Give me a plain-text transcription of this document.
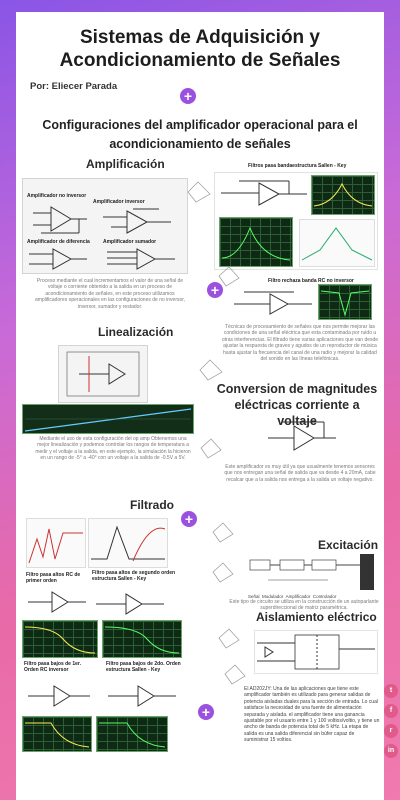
Sistemas de Adquisición y Acondicionamiento de Señales
Por: Eliecer Parada
+
Configuraciones del amplificador operacional para el acondicionamiento de señales
Amplificación
Amplificador no inversor
Amplificador inversor
Amplificador de diferencia	Amplificador sumador
Proceso mediante el cual incrementamos el valor de una señal de voltaje o corriente obtenido a la salida en un proceso de acondicionamiento de señales, en este proceso utilizamos amplificadores operacionales en las configuraciones de no inversor, inversor, sumador y restador.
Filtros pasa bandaestructura Sallen - Key
Filtro rechaza banda RC no inversor
+
Técnicas de procesamiento de señales que nos permite mejorar las condiciones de una señal eléctrica que esta contaminada por ruido u otras interferencias. El filtrado tiene varias aplicaciones que van desde ajustar la respuesta de graves y agudos de un reproductor de música hasta ajustar la frecuencia del canal de una radio y mejorar la calidad del sonido en las líneas telefónicas.
Linealización
Mediante el uso de esta configuración del op amp Obtenemos una mejor linealización y podemos controlar los rangos de temperatura a medir y el voltaje a la salida, en este ejemplo, la simulación la hicieron en un rango de -5° a -40° con un voltaje a la salida de -0.5V a 5V.
Conversion de magnitudes eléctricas corriente a voltaje
Este amplificador es muy útil ya que usualmente tenemos sensores que nos entregan una señal de salida que va desde 4 a 20mA, cabe recalcar que a la salida nos entrega a la salida un voltaje negativo.
Filtrado
+
Filtro pasa altos RC de primer orden
Filtro pasa altos de segundo orden estructura Sallen - Key
Filtro pasa bajos de 1er. Orden RC inversor
Filtro pasa bajos de 2do. Orden estructura Sallen - Key
+
Excitación
Señal Modulador Amplificador Controlador
Este tipo de circuito se utiliza en la construcción de un autoparlante superdireccional de matriz paramétrica.
Aislamiento eléctrico
El AD202JY: Una de las aplicaciones que tiene este amplificador también es utilizado para generar salidas de potencia aisladas duales para la sección de entrada. Lo cual satisface la necesidad de una fuente de alimentación separada y aislada. el amplificador tiene una ganancia ajustable por el usuario entre 1 y 100 voltios/voltio, y tiene un ancho de banda de potencia total de 5 kHz. La etapa de salida es una salida diferencial sin búfer capaz de suministrar 15 voltios.
t
f
r
in
